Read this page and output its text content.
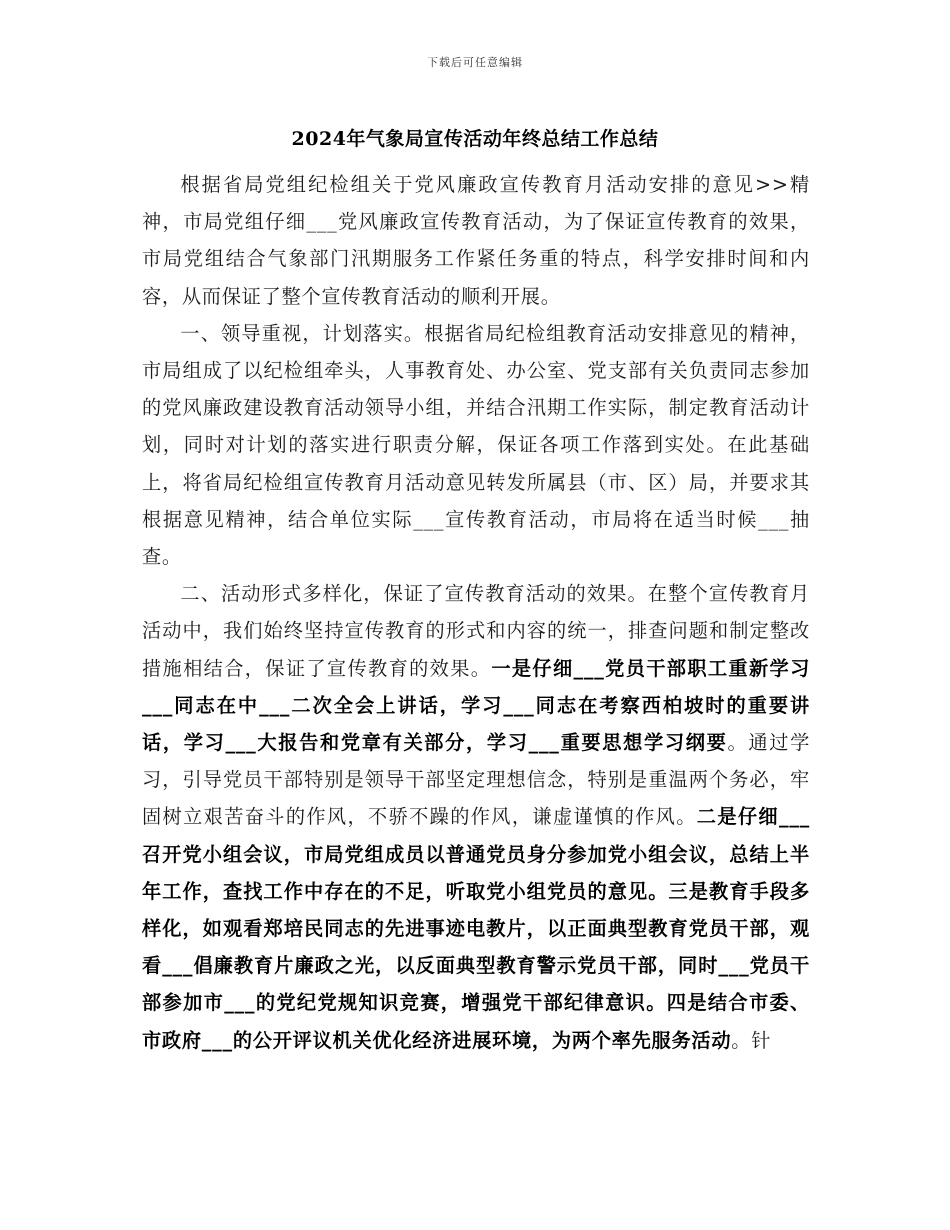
下载后可任意编辑
2024年气象局宣传活动年终总结工作总结

根据省局党组纪检组关于党风廉政宣传教育月活动安排的意见>>精神，市局党组仔细___党风廉政宣传教育活动，为了保证宣传教育的效果，市局党组结合气象部门汛期服务工作紧任务重的特点，科学安排时间和内容，从而保证了整个宣传教育活动的顺利开展。

一、领导重视，计划落实。根据省局纪检组教育活动安排意见的精神，市局组成了以纪检组牵头，人事教育处、办公室、党支部有关负责同志参加的党风廉政建设教育活动领导小组，并结合汛期工作实际，制定教育活动计划，同时对计划的落实进行职责分解，保证各项工作落到实处。在此基础上，将省局纪检组宣传教育月活动意见转发所属县（市、区）局，并要求其根据意见精神，结合单位实际___宣传教育活动，市局将在适当时候___抽查。

二、活动形式多样化，保证了宣传教育活动的效果。在整个宣传教育月活动中，我们始终坚持宣传教育的形式和内容的统一，排查问题和制定整改措施相结合，保证了宣传教育的效果。一是仔细___党员干部职工重新学习___同志在中___二次全会上讲话，学习___同志在考察西柏坡时的重要讲话，学习___大报告和党章有关部分，学习___重要思想学习纲要。通过学习，引导党员干部特别是领导干部坚定理想信念，特别是重温两个务必，牢固树立艰苦奋斗的作风，不骄不躁的作风，谦虚谨慎的作风。二是仔细___召开党小组会议，市局党组成员以普通党员身分参加党小组会议，总结上半年工作，查找工作中存在的不足，听取党小组党员的意见。三是教育手段多样化，如观看郑培民同志的先进事迹电教片，以正面典型教育党员干部，观看___倡廉教育片廉政之光，以反面典型教育警示党员干部，同时___党员干部参加市___的党纪党规知识竞赛，增强党干部纪律意识。四是结合市委、市政府___的公开评议机关优化经济进展环境，为两个率先服务活动。针
